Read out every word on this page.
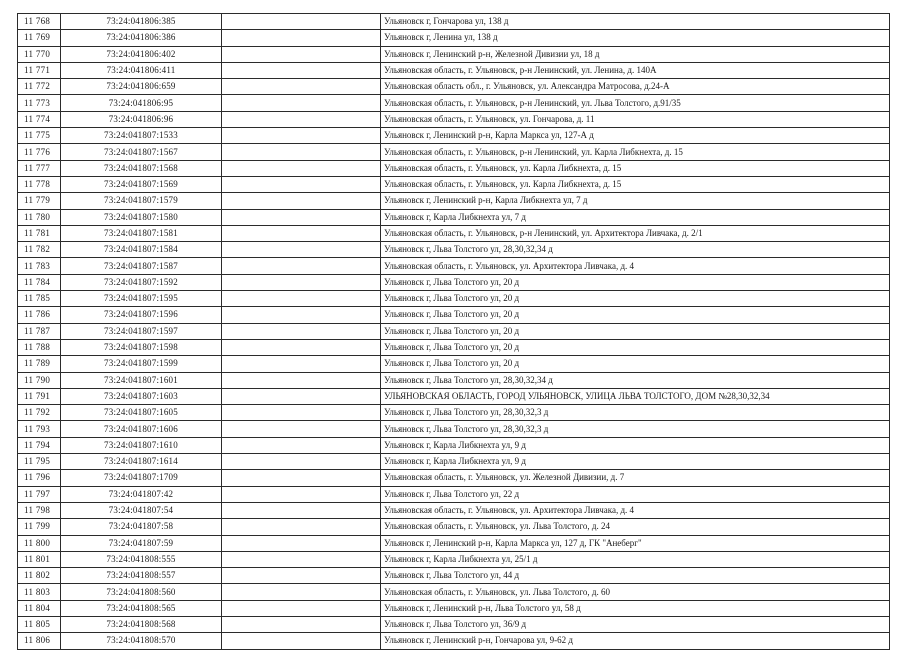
11 768	73:24:041806:385		Ульяновск г, Гончарова ул, 138 д
11 769	73:24:041806:386		Ульяновск г, Ленина ул, 138 д
11 770	73:24:041806:402		Ульяновск г, Ленинский р-н, Железной Дивизии ул, 18 д
11 771	73:24:041806:411		Ульяновская область, г. Ульяновск, р-н Ленинский, ул. Ленина, д. 140А
11 772	73:24:041806:659		Ульяновская область обл., г. Ульяновск, ул. Александра Матросова, д.24-А
11 773	73:24:041806:95		Ульяновская область, г. Ульяновск, р-н Ленинский, ул. Льва Толстого, д.91/35
11 774	73:24:041806:96		Ульяновская область, г. Ульяновск, ул. Гончарова, д. 11
11 775	73:24:041807:1533		Ульяновск г, Ленинский р-н, Карла Маркса ул, 127-А д
11 776	73:24:041807:1567		Ульяновская область, г. Ульяновск, р-н Ленинский, ул. Карла Либкнехта, д. 15
11 777	73:24:041807:1568		Ульяновская область, г. Ульяновск, ул. Карла Либкнехта, д. 15
11 778	73:24:041807:1569		Ульяновская область, г. Ульяновск, ул. Карла Либкнехта, д. 15
11 779	73:24:041807:1579		Ульяновск г, Ленинский р-н, Карла Либкнехта ул, 7 д
11 780	73:24:041807:1580		Ульяновск г, Карла Либкнехта ул, 7 д
11 781	73:24:041807:1581		Ульяновская область, г. Ульяновск, р-н Ленинский, ул. Архитектора Ливчака, д. 2/1
11 782	73:24:041807:1584		Ульяновск г, Льва Толстого ул, 28,30,32,34 д
11 783	73:24:041807:1587		Ульяновская область, г. Ульяновск, ул. Архитектора Ливчака, д. 4
11 784	73:24:041807:1592		Ульяновск г, Льва Толстого ул, 20 д
11 785	73:24:041807:1595		Ульяновск г, Льва Толстого ул, 20 д
11 786	73:24:041807:1596		Ульяновск г, Льва Толстого ул, 20 д
11 787	73:24:041807:1597		Ульяновск г, Льва Толстого ул, 20 д
11 788	73:24:041807:1598		Ульяновск г, Льва Толстого ул, 20 д
11 789	73:24:041807:1599		Ульяновск г, Льва Толстого ул, 20 д
11 790	73:24:041807:1601		Ульяновск г, Льва Толстого ул, 28,30,32,34 д
11 791	73:24:041807:1603		УЛЬЯНОВСКАЯ ОБЛАСТЬ, ГОРОД УЛЬЯНОВСК, УЛИЦА ЛЬВА ТОЛСТОГО, ДОМ №28,30,32,34
11 792	73:24:041807:1605		Ульяновск г, Льва Толстого ул, 28,30,32,3 д
11 793	73:24:041807:1606		Ульяновск г, Льва Толстого ул, 28,30,32,3 д
11 794	73:24:041807:1610		Ульяновск г, Карла Либкнехта ул, 9 д
11 795	73:24:041807:1614		Ульяновск г, Карла Либкнехта ул, 9 д
11 796	73:24:041807:1709		Ульяновская область, г. Ульяновск, ул. Железной Дивизии, д. 7
11 797	73:24:041807:42		Ульяновск г, Льва Толстого ул, 22 д
11 798	73:24:041807:54		Ульяновская область, г. Ульяновск, ул. Архитектора Ливчака, д. 4
11 799	73:24:041807:58		Ульяновская область, г. Ульяновск, ул. Льва Толстого, д. 24
11 800	73:24:041807:59		Ульяновск г, Ленинский р-н, Карла Маркса ул, 127 д, ГК "Анеберг"
11 801	73:24:041808:555		Ульяновск г, Карла Либкнехта ул, 25/1 д
11 802	73:24:041808:557		Ульяновск г, Льва Толстого ул, 44 д
11 803	73:24:041808:560		Ульяновская область, г. Ульяновск, ул. Льва Толстого, д. 60
11 804	73:24:041808:565		Ульяновск г, Ленинский р-н, Льва Толстого ул, 58 д
11 805	73:24:041808:568		Ульяновск г, Льва Толстого ул, 36/9 д
11 806	73:24:041808:570		Ульяновск г, Ленинский р-н, Гончарова ул, 9-62 д
